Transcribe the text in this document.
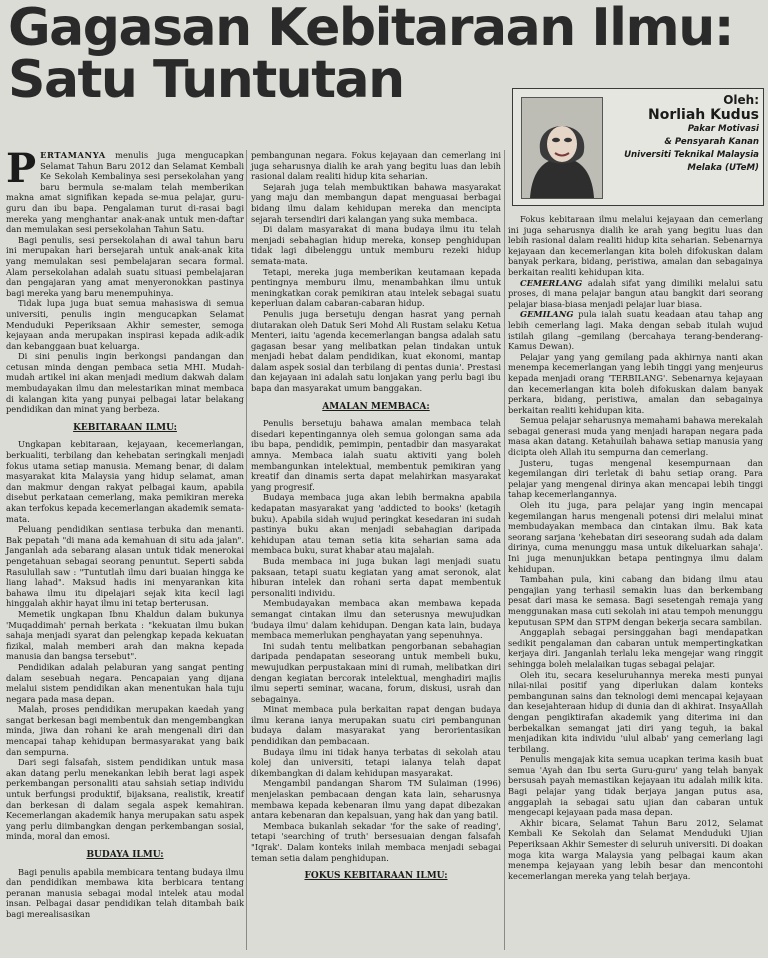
Gagasan Kebitaraan Ilmu:
Satu Tuntutan	Oleh:
Norliah Kudus
Pakar Motivasi
& Pensyarah Kanan
Universiti Teknikal Malaysia
Melaka (UTeM)

PERTAMANYA menulis juga mengucapkan Selamat Tahun Baru 2012 dan Selamat Kembali Ke Sekolah Kembalinya sesi persekolahan yang baru bermula se-malam telah memberikan makna amat signifikan kepada se-mua pelajar, guru-guru dan ibu bapa. Pengalaman turut di-rasai bagi mereka yang menghantar anak-anak untuk men-daftar dan memulakan sesi persekolahan Tahun Satu.

Bagi penulis, sesi persekolahan di awal tahun baru ini merupakan hari bersejarah untuk anak-anak kita yang memulakan sesi pembelajaran secara formal. Alam persekolahan adalah suatu situasi pembelajaran dan pengajaran yang amat menyeronokkan pastinya bagi mereka yang baru menempuhinya.

Tidak lupa juga buat semua mahasiswa di semua universiti, penulis ingin mengucapkan Selamat Menduduki Peperiksaan Akhir semester, semoga kejayaan anda merupakan inspirasi kepada adik-adik dan kebanggaan buat keluarga.

Di sini penulis ingin berkongsi pandangan dan cetusan minda dengan pembaca setia MHI. Mudah-mudah artikel ini akan menjadi medium dakwah dalam membudayakan ilmu dan melestarikan minat membaca di kalangan kita yang punyai pelbagai latar belakang pendidikan dan minat yang berbeza.

KEBITARAAN ILMU:

Ungkapan kebitaraan, kejayaan, kecemerlangan, berkualiti, terbilang dan kehebatan seringkali menjadi fokus utama setiap manusia. Memang benar, di dalam masyarakat kita Malaysia yang hidup selamat, aman dan makmur dengan rakyat pelbagai kaum, apabila disebut perkataan cemerlang, maka pemikiran mereka akan terfokus kepada kecemerlangan akademik semata-mata.

Peluang pendidikan sentiasa terbuka dan menanti. Bak pepatah "di mana ada kemahuan di situ ada jalan". Janganlah ada sebarang alasan untuk tidak menerokai pengetahuan sebagai seorang penuntut. Seperti sabda Rasulullah saw : "Tuntutlah ilmu dari buaian hingga ke liang lahad". Maksud hadis ini menyarankan kita bahawa ilmu itu dipelajari sejak kita kecil lagi hinggalah akhir hayat ilmu ini tetap berterusan.

Memetik ungkapan Ibnu Khaldun dalam bukunya 'Muqaddimah' pernah berkata : "kekuatan ilmu bukan sahaja menjadi syarat dan pelengkap kepada kekuatan fizikal, malah memberi arah dan makna kepada manusia dan bangsa tersebut".

Pendidikan adalah pelaburan yang sangat penting dalam sesebuah negara. Pencapaian yang dijana melalui sistem pendidikan akan menentukan hala tuju negara pada masa depan.

Malah, proses pendidikan merupakan kaedah yang sangat berkesan bagi membentuk dan mengembangkan minda, jiwa dan rohani ke arah mengenali diri dan mencapai tahap kehidupan bermasyarakat yang baik dan sempurna.

Dari segi falsafah, sistem pendidikan untuk masa akan datang perlu menekankan lebih berat lagi aspek perkembangan personaliti atau sahsiah setiap individu untuk berfungsi produktif, bijaksana, realistik, kreatif dan berkesan di dalam segala aspek kemahiran. Kecemerlangan akademik hanya merupakan satu aspek yang perlu diimbangkan dengan perkembangan sosial, minda, moral dan emosi.

BUDAYA ILMU:

Bagi penulis apabila membicara tentang budaya ilmu dan pendidikan membawa kita berbicara tentang peranan manusia sebagai modal intelek atau modal insan. Pelbagai dasar pendidikan telah ditambah baik bagi merealisasikan

pembangunan negara. Fokus kejayaan dan cemerlang ini juga seharusnya dialih ke arah yang begitu luas dan lebih rasional dalam realiti hidup kita seharian.

Sejarah juga telah membuktikan bahawa masyarakat yang maju dan membangun dapat menguasai berbagai bidang ilmu dalam kehidupan mereka dan mencipta sejarah tersendiri dari kalangan yang suka membaca.

Di dalam masyarakat di mana budaya ilmu itu telah menjadi sebahagian hidup mereka, konsep penghidupan tidak lagi dibelenggu untuk memburu rezeki hidup semata-mata.

Tetapi, mereka juga memberikan keutamaan kepada pentingnya memburu ilmu, menambahkan ilmu untuk meningkatkan corak pemikiran atau intelek sebagai suatu keperluan dalam cabaran-cabaran hidup.

Penulis juga bersetuju dengan hasrat yang pernah diutarakan oleh Datuk Seri Mohd Ali Rustam selaku Ketua Menteri, iaitu 'agenda kecemerlangan bangsa adalah satu gagasan besar yang melibatkan pelan tindakan untuk menjadi hebat dalam pendidikan, kuat ekonomi, mantap dalam aspek sosial dan terbilang di pentas dunia'. Prestasi dan kejayaan ini adalah satu lonjakan yang perlu bagi ibu bapa dan masyarakat umum banggakan.

AMALAN MEMBACA:

Penulis bersetuju bahawa amalan membaca telah disedari kepentingannya oleh semua golongan sama ada ibu bapa, pendidik, pemimpin, pentadbir dan masyarakat amnya. Membaca ialah suatu aktiviti yang boleh membangunkan intelektual, membentuk pemikiran yang kreatif dan dinamis serta dapat melahirkan masyarakat yang progresif.

Budaya membaca juga akan lebih bermakna apabila kedapatan masyarakat yang 'addicted to books' (ketagih buku). Apabila sidah wujud peringkat kesedaran ini sudah pastinya buku akan menjadi sebahagian daripada kehidupan atau teman setia kita seharian sama ada membaca buku, surat khabar atau majalah.

Buda membaca ini juga bukan lagi menjadi suatu paksaan, tetapi suatu kegiatan yang amat seronok, alat hiburan intelek dan rohani serta dapat membentuk personaliti individu.

Membudayakan membaca akan membawa kepada semangat cintakan ilmu dan seterusnya mewujudkan 'budaya ilmu' dalam kehidupan. Dengan kata lain, budaya membaca memerlukan penghayatan yang sepenuhnya.

Ini sudah tentu melibatkan pengorbanan sebahagian daripada pendapatan seseorang untuk membeli buku, mewujudkan perpustakaan mini di rumah, melibatkan diri dengan kegiatan bercorak intelektual, menghadiri majlis ilmu seperti seminar, wacana, forum, diskusi, usrah dan sebagainya.

Minat membaca pula berkaitan rapat dengan budaya ilmu kerana ianya merupakan suatu ciri pembangunan budaya dalam masyarakat yang berorientasikan pendidikan dan pembacaan.

Budaya ilmu ini tidak hanya terbatas di sekolah atau kolej dan universiti, tetapi ialanya telah dapat dikembangkan di dalam kehidupan masyarakat.

Mengambil pandangan Sharom TM Sulaiman (1996) menjelaskan pembacaan dengan kata lain, seharusnya membawa kepada kebenaran ilmu yang dapat dibezakan antara kebenaran dan kepalsuan, yang hak dan yang batil.

Membaca bukanlah sekadar 'for the sake of reading', tetapi 'searching of truth' bersesuaian dengan falsafah "Iqrak'. Dalam konteks inilah membaca menjadi sebagai teman setia dalam penghidupan.

FOKUS KEBITARAAN ILMU:

Fokus kebitaraan ilmu melalui kejayaan dan cemerlang ini juga seharusnya dialih ke arah yang begitu luas dan lebih rasional dalam realiti hidup kita seharian. Sebenarnya kejayaan dan kecemerlangan kita boleh difokuskan dalam banyak perkara, bidang, peristiwa, amalan dan sebagainya berkaitan realiti kehidupan kita.

CEMERLANG adalah sifat yang dimiliki melalui satu proses, di mana pelajar bangun atau bangkit dari seorang pelajar biasa-biasa menjadi pelajar luar biasa.

GEMILANG pula ialah suatu keadaan atau tahap ang lebih cemerlang lagi. Maka dengan sebab itulah wujud istilah gilang –gemilang (bercahaya terang-benderang-Kamus Dewan).

Pelajar yang yang gemilang pada akhirnya nanti akan menempa kecemerlangan yang lebih tinggi yang menjeurus kepada menjadi orang 'TERBILANG'. Sebenarnya kejayaan dan kecemerlangan kita boleh difokuskan dalam banyak perkara, bidang, peristiwa, amalan dan sebagainya berkaitan realiti kehidupan kita.

Semua pelajar seharusnya memahami bahawa merekalah sebagai generasi muda yang menjadi harapan negara pada masa akan datang. Ketahuilah bahawa setiap manusia yang dicipta oleh Allah itu sempurna dan cemerlang.

Justeru, tugas mengenal kesempurnaan dan kegemilangan diri terletak di bahu setiap orang. Para pelajar yang mengenal dirinya akan mencapai lebih tinggi tahap kecemerlangannya.

Oleh itu juga, para pelajar yang ingin mencapai kegemilangan harus mengenali potensi diri melalui minat membudayakan membaca dan cintakan ilmu. Bak kata seorang sarjana 'kehebatan diri seseorang sudah ada dalam dirinya, cuma menunggu masa untuk dikeluarkan sahaja'. Ini juga menunjukkan betapa pentingnya ilmu dalam kehidupan.

Tambahan pula, kini cabang dan bidang ilmu atau pengajian yang terhasil semakin luas dan berkembang pesat dari masa ke semasa. Bagi sesetengah remaja yang menggunakan masa cuti sekolah ini atau tempoh menunggu keputusan SPM dan STPM dengan bekerja secara sambilan.

Anggaplah sebagai persinggahan bagi mendapatkan sedikit pengalaman dan cabaran untuk mempertingkatkan kerjaya diri. Janganlah terlalu leka mengejar wang ringgit sehingga boleh melalaikan tugas sebagai pelajar.

Oleh itu, secara keseluruhannya mereka mesti punyai nilai-nilai positif yang diperlukan dalam konteks pembangunan sains dan teknologi demi mencapai kejayaan dan kesejahteraan hidup di dunia dan di akhirat. InsyaAllah dengan pengiktirafan akademik yang diterima ini dan berbekalkan semangat jati diri yang teguh, ia bakal menjadikan kita individu 'ulul albab' yang cemerlang lagi terbilang.

Penulis mengajak kita semua ucapkan terima kasih buat semua 'Ayah dan Ibu serta Guru-guru' yang telah banyak bersusah payah memastikan kejayaan itu adalah milik kita. Bagi pelajar yang tidak berjaya jangan putus asa, anggaplah ia sebagai satu ujian dan cabaran untuk mengecapi kejayaan pada masa depan.

Akhir bicara, Selamat Tahun Baru 2012, Selamat Kembali Ke Sekolah dan Selamat Menduduki Ujian Peperiksaan Akhir Semester di seluruh universiti. Di doakan moga kita warga Malaysia yang pelbagai kaum akan menempa kejayaan yang lebih besar dan mencontohi kecemerlangan mereka yang telah berjaya.
